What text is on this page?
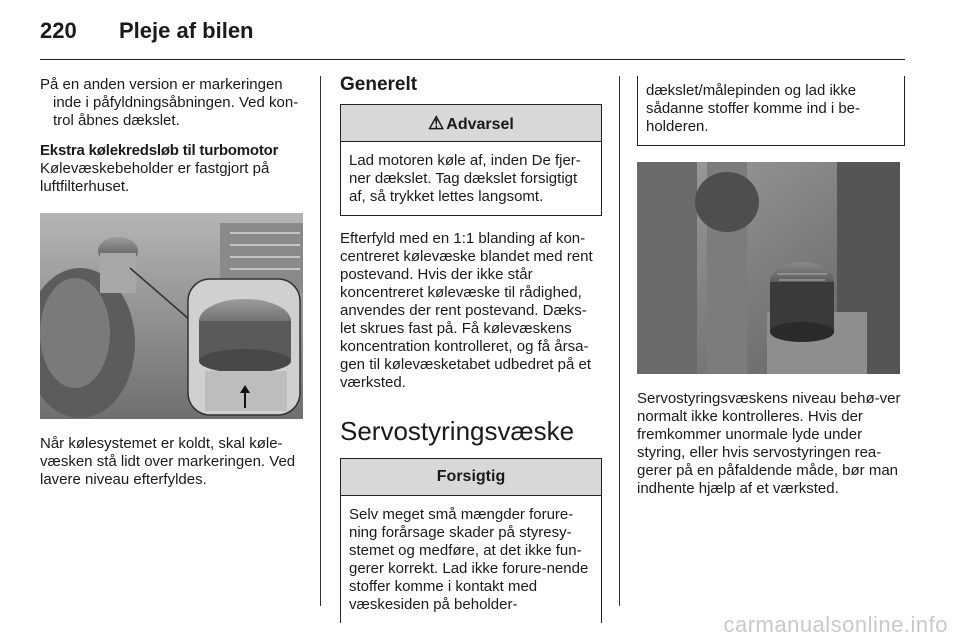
220 Pleje af bilen

På en anden version er markeringen inde i påfyldningsåbningen. Ved kon-trol åbnes dækslet.

Ekstra kølekredsløb til turbomotor

Kølevæskebeholder er fastgjort på luftfilterhuset.

Når kølesystemet er koldt, skal køle-væsken stå lidt over markeringen. Ved lavere niveau efterfyldes.

Generelt

⚠ Advarsel

Lad motoren køle af, inden De fjer-ner dækslet. Tag dækslet forsigtigt af, så trykket lettes langsomt.

Efterfyld med en 1:1 blanding af kon-centreret kølevæske blandet med rent postevand. Hvis der ikke står koncentreret kølevæske til rådighed, anvendes der rent postevand. Dæks-let skrues fast på. Få kølevæskens koncentration kontrolleret, og få årsa-gen til kølevæsketabet udbedret på et værksted.

Servostyringsvæske

Forsigtig

Selv meget små mængder forure-ning forårsage skader på styresy-stemet og medføre, at det ikke fun-gerer korrekt. Lad ikke forure-nende stoffer komme i kontakt med væskesiden på beholder-

dækslet/målepinden og lad ikke sådanne stoffer komme ind i be-holderen.

Servostyringsvæskens niveau behø-ver normalt ikke kontrolleres. Hvis der fremkommer unormale lyde under styring, eller hvis servostyringen rea-gerer på en påfaldende måde, bør man indhente hjælp af et værksted.

carmanualsonline.info
